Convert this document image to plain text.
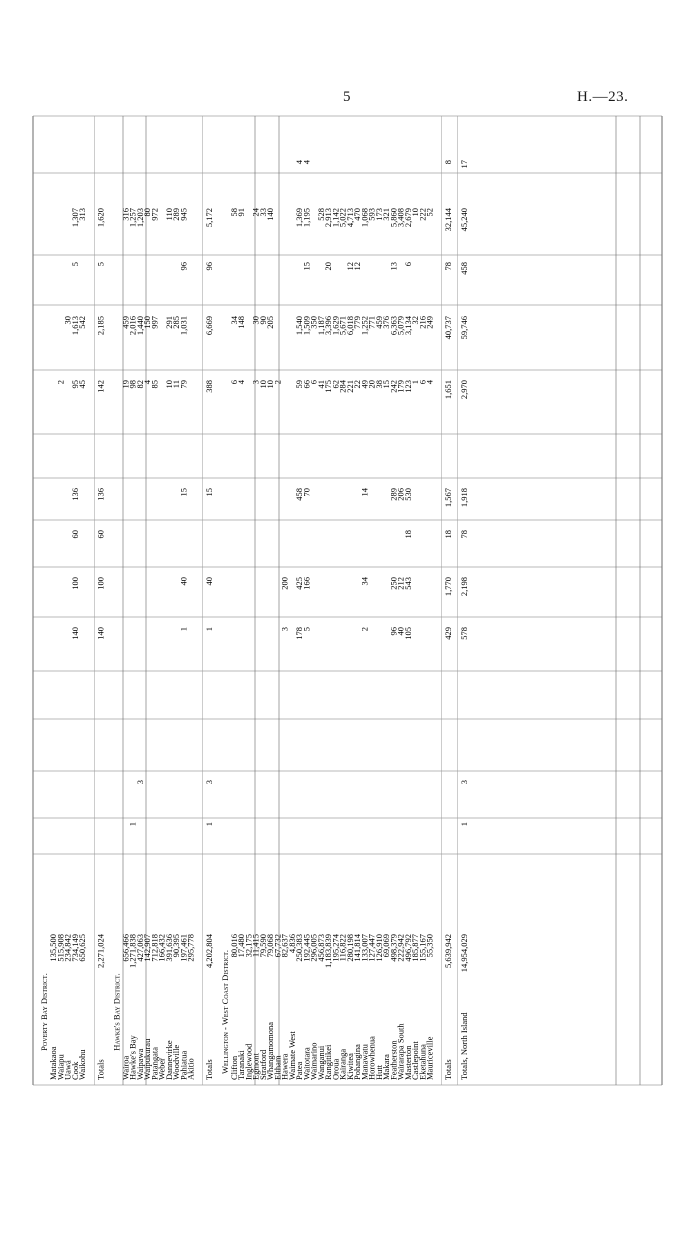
5	H.—23.
Poverty Bay District.
Matakaoa
135,500
Waiapu
515,908
2
Uawa
234,842
30
Cook
734,149
140
100
60
136
95
1,613
5
1,307
Waikohu
650,625
45
542
313
Totals
2,271,024
140
100
60
136
142
2,185
5
1,620
Hawke's Bay District.
Wairoa
656,466
19
459
316
Hawke's Bay
1,271,838
1
98
2,016
1,257
Waipawa
427,063
3
82
1,440
1,203
Waipukurau
142,907
4
150
80
Patangata
712,818
85
997
972
Weber
166,432
Dannevirke
391,636
10
291
110
Woodville
90,395
11
285
289
Pahiatua
197,461
1
40
15
79
1,031
96
945
Akitio
295,778
Totals
4,202,804
1
3
1
40
15
388
6,669
96
5,172
Wellington - West Coast District. Clifton
80,016
6
34
58
Taranaki
17,480
4
148
91
Inglewood
32,175
Egmont
11,415
3
30
24
Stratford
79,590
10
90
33
Whangamomona
79,068
10
205
140
Eltham
67,732
2
Hawera
82,637
3
200
Waimate West
4,836
Patea
250,383
178
425
458
59
1,540
1,369
4
Waitotara
192,445
5
166
70
66
1,509
15
1,195
4
Waimarino
296,005
6
350
Wanganui
456,873
41
1,187
528
Rangitikei
1,183,839
175
3,396
20
2,913
Oroua
195,274
62
1,629
1,142
Kairanga
116,822
284
5,671
5,022
Kiwitea
280,198
221
6,018
12
4,713
Pohangina
141,814
22
779
12
470
Manawatu
133,007
2
34
14
49
1,252
1,068
Horowhenua
127,447
20
771
593
Hutt
126,910
38
459
173
Makara
69,069
15
376
321
Featherston
498,379
96
250
289
242
6,363
13
5,860
Wairarapa South
222,942
40
212
206
179
5,079
3,408
Masterton
496,792
105
543
18
530
123
3,134
6
2,679
Castlepoint
185,877
1
32
10
Eketahuna
155,167
6
216
222
Mauriceville
55,350
4
249
52
Totals
5,639,942
429
1,770
18
1,567
1,651
40,737
78
32,144
8
Totals, North Island
14,954,029
1
3
578
2,198
78
1,918
2,970
59,746
458
45,240
17
